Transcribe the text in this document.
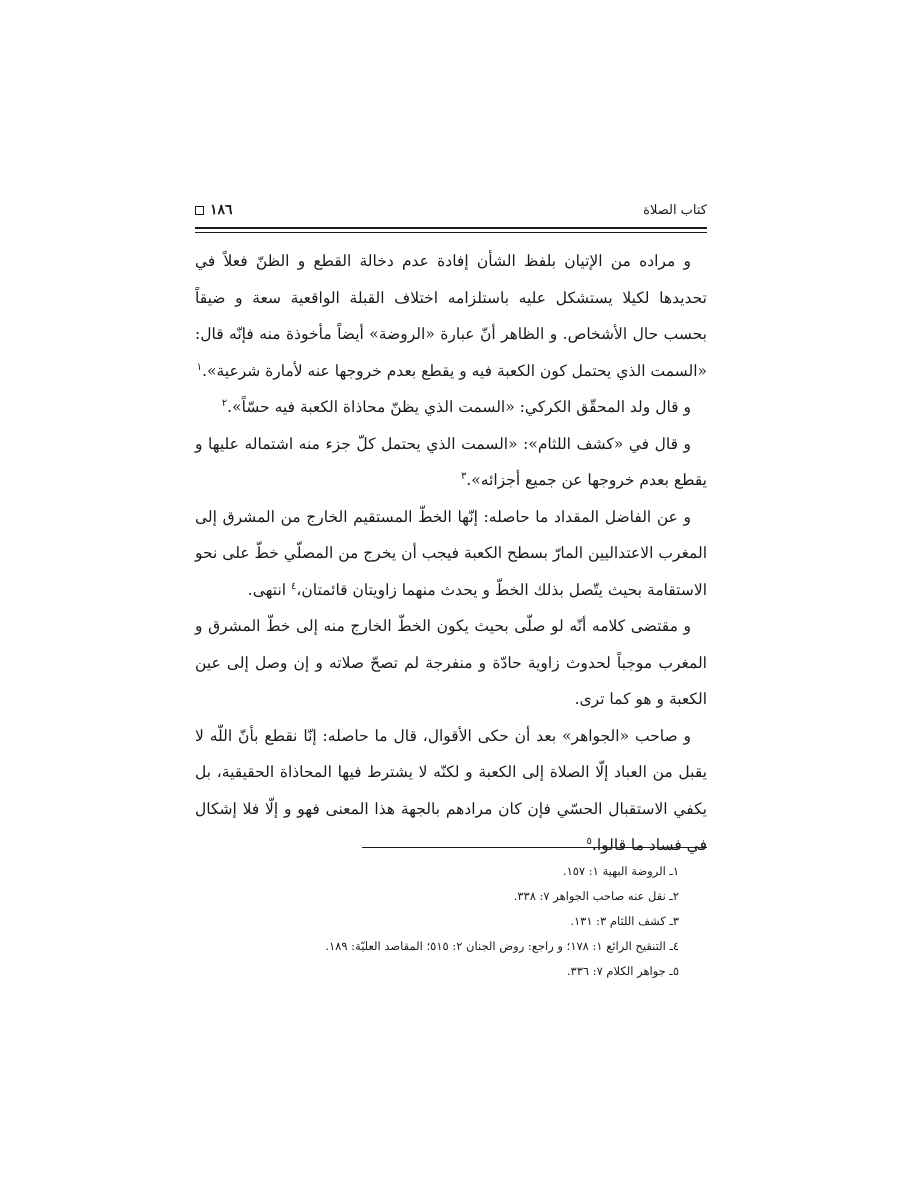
كتاب الصلاة
١٨٦

و مراده من الإتيان بلفظ الشأن إفادة عدم دخالة القطع و الظنّ فعلاً في تحديدها لكيلا يستشكل عليه باستلزامه اختلاف القبلة الواقعية سعة و ضيقاً بحسب حال الأشخاص. و الظاهر أنّ عبارة «الروضة» أيضاً مأخوذة منه فإنّه قال: «السمت الذي يحتمل كون الكعبة فيه و يقطع بعدم خروجها عنه لأمارة شرعية».$^١$

و قال ولد المحقّق الكركي: «السمت الذي يظنّ محاذاة الكعبة فيه حسّاً».$^٢$

و قال في «كشف اللثام»: «السمت الذي يحتمل كلّ جزء منه اشتماله عليها و يقطع بعدم خروجها عن جميع أجزائه».$^٣$

و عن الفاضل المقداد ما حاصله: إنّها الخطّ المستقيم الخارج من المشرق إلى المغرب الاعتداليين المارّ بسطح الكعبة فيجب أن يخرج من المصلّي خطّ على نحو الاستقامة بحيث يتّصل بذلك الخطّ و يحدث منهما زاويتان قائمتان،$^٤$ انتهى.

و مقتضى كلامه أنّه لو صلّى بحيث يكون الخطّ الخارج منه إلى خطّ المشرق و المغرب موجباً لحدوث زاوية حادّة و منفرجة لم تصحّ صلاته و إن وصل إلى عين الكعبة و هو كما ترى.

و صاحب «الجواهر» بعد أن حكى الأقوال، قال ما حاصله: إنّا نقطع بأنّ اللّه لا يقبل من العباد إلّا الصلاة إلى الكعبة و لكنّه لا يشترط فيها المحاذاة الحقيقية، بل يكفي الاستقبال الحسّي فإن كان مرادهم بالجهة هذا المعنى فهو و إلّا فلا إشكال في فساد ما قالوا.$^٥$

١ـ الروضة البهية ١: ١٥٧.
٢ـ نقل عنه صاحب الجواهر ٧: ٣٣٨.
٣ـ كشف اللثام ٣: ١٣١.
٤ـ التنقيح الرائع ١: ١٧٨؛ و راجع: روض الجنان ٢: ٥١٥؛ المقاصد العليّة: ١٨٩.
٥ـ جواهر الكلام ٧: ٣٣٦.
